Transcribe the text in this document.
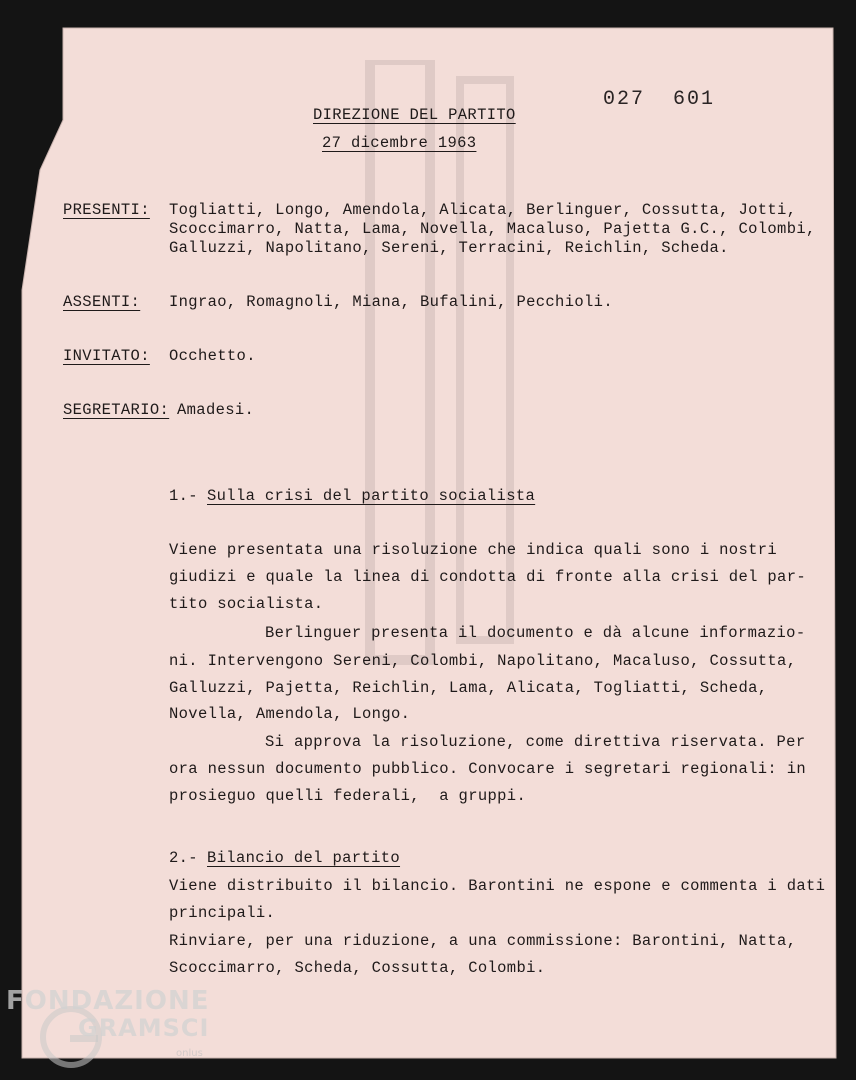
027  601
DIREZIONE DEL PARTITO
27 dicembre 1963
PRESENTI: Togliatti, Longo, Amendola, Alicata, Berlinguer, Cossutta, Jotti,
Scoccimarro, Natta, Lama, Novella, Macaluso, Pajetta G.C., Colombi,
Galluzzi, Napolitano, Sereni, Terracini, Reichlin, Scheda.
ASSENTI: Ingrao, Romagnoli, Miana, Bufalini, Pecchioli.
INVITATO: Occhetto.
SEGRETARIO: Amadesi.
1.- Sulla crisi del partito socialista
Viene presentata una risoluzione che indica quali sono i nostri
giudizi e quale la linea di condotta di fronte alla crisi del par-
tito socialista.
Berlinguer presenta il documento e dà alcune informazio-
ni. Intervengono Sereni, Colombi, Napolitano, Macaluso, Cossutta,
Galluzzi, Pajetta, Reichlin, Lama, Alicata, Togliatti, Scheda,
Novella, Amendola, Longo.
Si approva la risoluzione, come direttiva riservata. Per
ora nessun documento pubblico. Convocare i segretari regionali: in
prosieguo quelli federali,  a gruppi.
2.- Bilancio del partito
Viene distribuito il bilancio. Barontini ne espone e commenta i dati
principali.
Rinviare, per una riduzione, a una commissione: Barontini, Natta,
Scoccimarro, Scheda, Cossutta, Colombi.
FONDAZIONE
GRAMSCI
onlus
